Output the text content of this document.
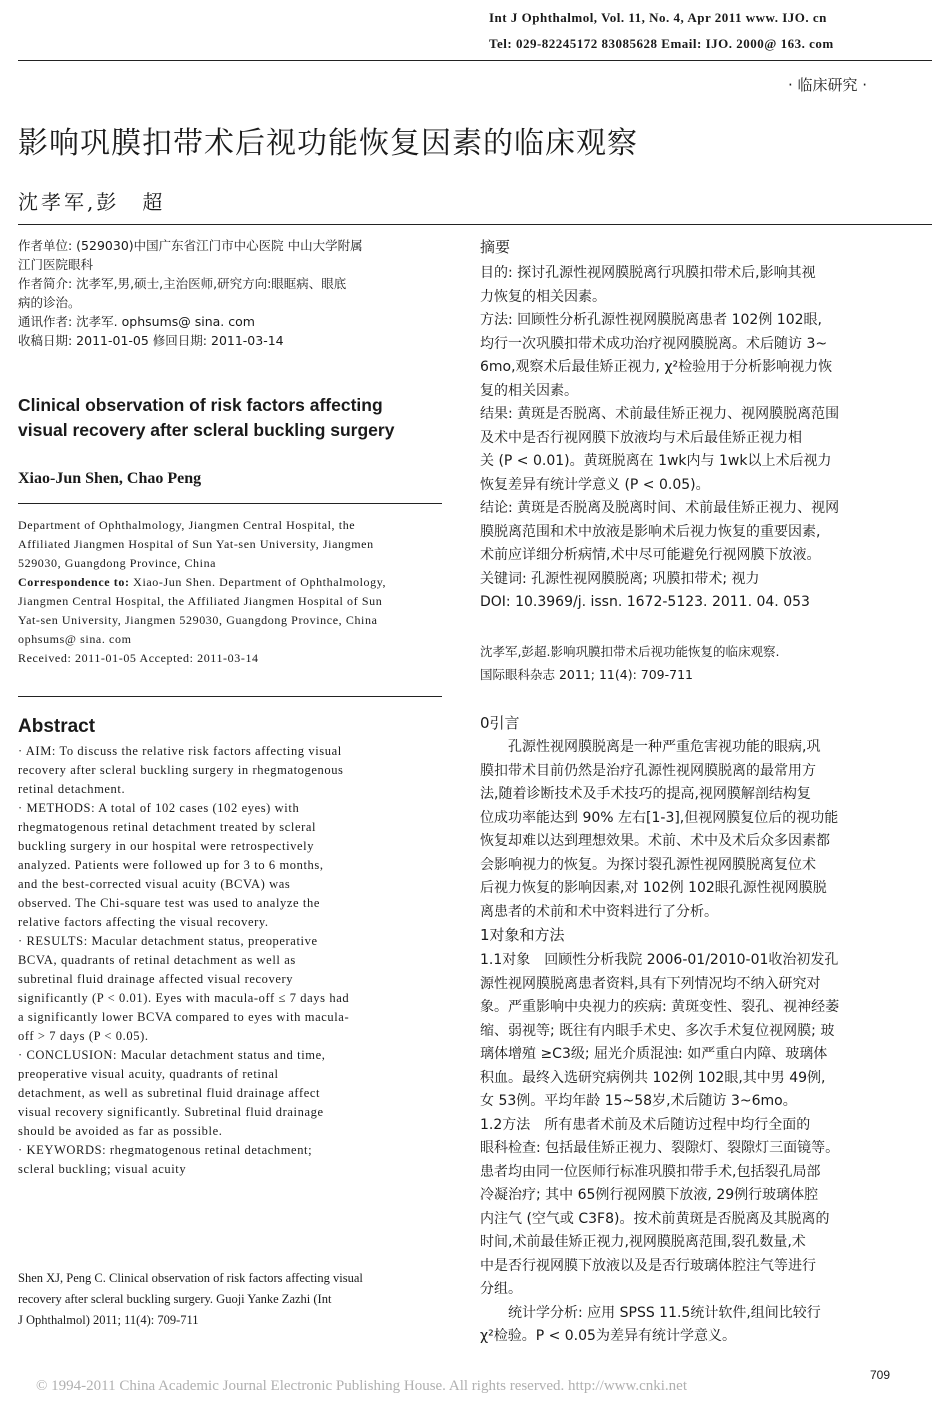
Int J Ophthalmol, Vol. 11, No. 4, Apr 2011 www. IJO. cn
Tel: 029-82245172 83085628 Email: IJO. 2000@ 163. com
· 临床研究 ·
影响巩膜扣带术后视功能恢复因素的临床观察
沈孝军,彭　超
作者单位: (529030)中国广东省江门市中心医院 中山大学附属
江门医院眼科
作者简介: 沈孝军,男,硕士,主治医师,研究方向:眼眶病、眼底
病的诊治。
通讯作者: 沈孝军. ophsums@ sina. com
收稿日期: 2011-01-05 修回日期: 2011-03-14
Clinical observation of risk factors affecting
visual recovery after scleral buckling surgery
Xiao-Jun Shen, Chao Peng
Department of Ophthalmology, Jiangmen Central Hospital, the
Affiliated Jiangmen Hospital of Sun Yat-sen University, Jiangmen
529030, Guangdong Province, China
Correspondence to: Xiao-Jun Shen. Department of Ophthalmology,
Jiangmen Central Hospital, the Affiliated Jiangmen Hospital of Sun
Yat-sen University, Jiangmen 529030, Guangdong Province, China
ophsums@ sina. com
Received: 2011-01-05 Accepted: 2011-03-14
Abstract
· AIM: To discuss the relative risk factors affecting visual
recovery after scleral buckling surgery in rhegmatogenous
retinal detachment.
· METHODS: A total of 102 cases (102 eyes) with
rhegmatogenous retinal detachment treated by scleral
buckling surgery in our hospital were retrospectively
analyzed. Patients were followed up for 3 to 6 months,
and the best-corrected visual acuity (BCVA) was
observed. The Chi-square test was used to analyze the
relative factors affecting the visual recovery.
· RESULTS: Macular detachment status, preoperative
BCVA, quadrants of retinal detachment as well as
subretinal fluid drainage affected visual recovery
significantly (P < 0.01). Eyes with macula-off ≤ 7 days had
a significantly lower BCVA compared to eyes with macula-
off > 7 days (P < 0.05).
· CONCLUSION: Macular detachment status and time,
preoperative visual acuity, quadrants of retinal
detachment, as well as subretinal fluid drainage affect
visual recovery significantly. Subretinal fluid drainage
should be avoided as far as possible.
· KEYWORDS: rhegmatogenous retinal detachment;
scleral buckling; visual acuity
Shen XJ, Peng C. Clinical observation of risk factors affecting visual
recovery after scleral buckling surgery. Guoji Yanke Zazhi (Int
J Ophthalmol) 2011; 11(4): 709-711
摘要
目的: 探讨孔源性视网膜脱离行巩膜扣带术后,影响其视
力恢复的相关因素。
方法: 回顾性分析孔源性视网膜脱离患者 102例 102眼,
均行一次巩膜扣带术成功治疗视网膜脱离。术后随访 3~
6mo,观察术后最佳矫正视力, χ²检验用于分析影响视力恢
复的相关因素。
结果: 黄斑是否脱离、术前最佳矫正视力、视网膜脱离范围
及术中是否行视网膜下放液均与术后最佳矫正视力相
关 (P < 0.01)。黄斑脱离在 1wk内与 1wk以上术后视力
恢复差异有统计学意义 (P < 0.05)。
结论: 黄斑是否脱离及脱离时间、术前最佳矫正视力、视网
膜脱离范围和术中放液是影响术后视力恢复的重要因素,
术前应详细分析病情,术中尽可能避免行视网膜下放液。
关键词: 孔源性视网膜脱离; 巩膜扣带术; 视力
DOI: 10.3969/j. issn. 1672-5123. 2011. 04. 053
沈孝军,彭超.影响巩膜扣带术后视功能恢复的临床观察.
国际眼科杂志 2011; 11(4): 709-711
0引言
孔源性视网膜脱离是一种严重危害视功能的眼病,巩
膜扣带术目前仍然是治疗孔源性视网膜脱离的最常用方
法,随着诊断技术及手术技巧的提高,视网膜解剖结构复
位成功率能达到 90% 左右[1-3],但视网膜复位后的视功能
恢复却难以达到理想效果。术前、术中及术后众多因素都
会影响视力的恢复。为探讨裂孔源性视网膜脱离复位术
后视力恢复的影响因素,对 102例 102眼孔源性视网膜脱
离患者的术前和术中资料进行了分析。
1对象和方法
1.1对象　回顾性分析我院 2006-01/2010-01收治初发孔
源性视网膜脱离患者资料,具有下列情况均不纳入研究对
象。严重影响中央视力的疾病: 黄斑变性、裂孔、视神经萎
缩、弱视等; 既往有内眼手术史、多次手术复位视网膜; 玻
璃体增殖 ≥C3级; 屈光介质混浊: 如严重白内障、玻璃体
积血。最终入选研究病例共 102例 102眼,其中男 49例,
女 53例。平均年龄 15~58岁,术后随访 3~6mo。
1.2方法　所有患者术前及术后随访过程中均行全面的
眼科检查: 包括最佳矫正视力、裂隙灯、裂隙灯三面镜等。
患者均由同一位医师行标准巩膜扣带手术,包括裂孔局部
冷凝治疗; 其中 65例行视网膜下放液, 29例行玻璃体腔
内注气 (空气或 C3F8)。按术前黄斑是否脱离及其脱离的
时间,术前最佳矫正视力,视网膜脱离范围,裂孔数量,术
中是否行视网膜下放液以及是否行玻璃体腔注气等进行
分组。
统计学分析: 应用 SPSS 11.5统计软件,组间比较行
χ²检验。P < 0.05为差异有统计学意义。
709
© 1994-2011 China Academic Journal Electronic Publishing House. All rights reserved. http://www.cnki.net
